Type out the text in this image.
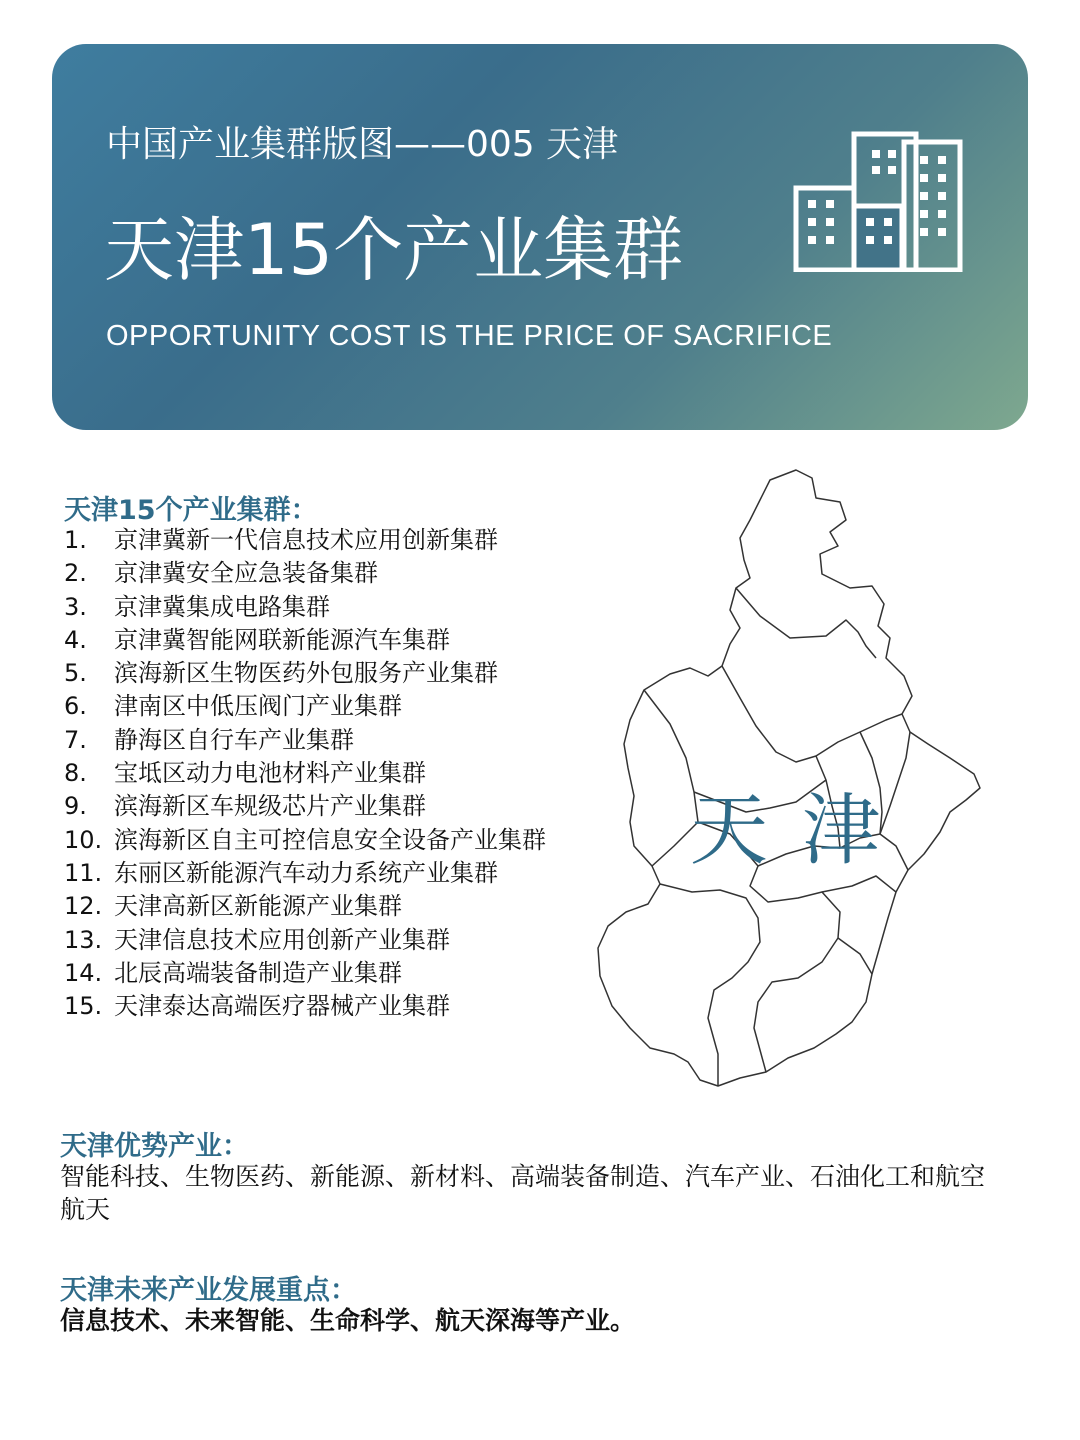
中国产业集群版图——005 天津
天津15个产业集群
OPPORTUNITY COST IS THE PRICE OF SACRIFICE
天津15个产业集群：
1. 京津冀新一代信息技术应用创新集群
2. 京津冀安全应急装备集群
3. 京津冀集成电路集群
4. 京津冀智能网联新能源汽车集群
5. 滨海新区生物医药外包服务产业集群
6. 津南区中低压阀门产业集群
7. 静海区自行车产业集群
8. 宝坻区动力电池材料产业集群
9. 滨海新区车规级芯片产业集群
10. 滨海新区自主可控信息安全设备产业集群
11. 东丽区新能源汽车动力系统产业集群
12. 天津高新区新能源产业集群
13. 天津信息技术应用创新产业集群
14. 北辰高端装备制造产业集群
15. 天津泰达高端医疗器械产业集群
天津
天津优势产业：
智能科技、生物医药、新能源、新材料、高端装备制造、汽车产业、石油化工和航空航天
天津未来产业发展重点：
信息技术、未来智能、生命科学、航天深海等产业。
